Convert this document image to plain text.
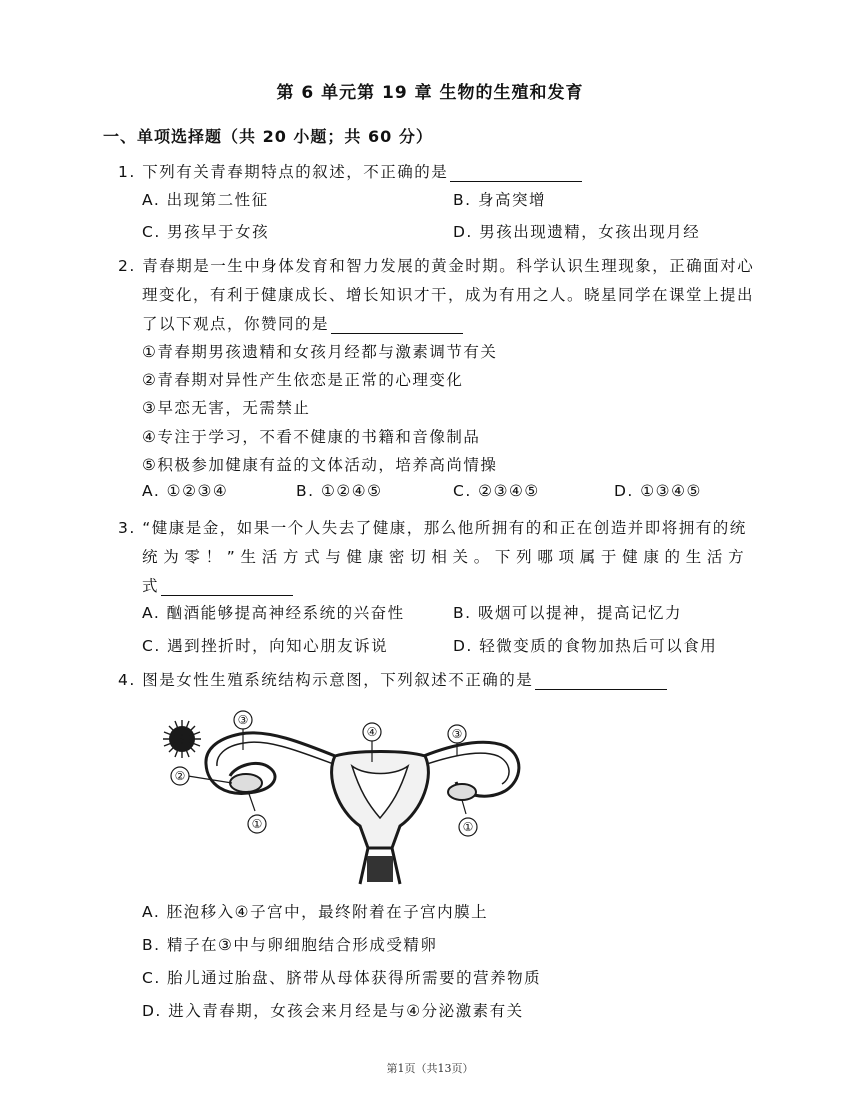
第 6 单元第 19 章 生物的生殖和发育
一、单项选择题（共 20 小题；共 60 分）
1. 下列有关青春期特点的叙述，不正确的是
A. 出现第二性征	B. 身高突增
C. 男孩早于女孩	D. 男孩出现遗精，女孩出现月经
2. 青春期是一生中身体发育和智力发展的黄金时期。科学认识生理现象，正确面对心
理变化，有利于健康成长、增长知识才干，成为有用之人。晓星同学在课堂上提出
了以下观点，你赞同的是
①青春期男孩遗精和女孩月经都与激素调节有关
②青春期对异性产生依恋是正常的心理变化
③早恋无害，无需禁止
④专注于学习，不看不健康的书籍和音像制品
⑤积极参加健康有益的文体活动，培养高尚情操
A. ①②③④	B. ①②④⑤	C. ②③④⑤	D. ①③④⑤
3. “健康是金，如果一个人失去了健康，那么他所拥有的和正在创造并即将拥有的统
统为零！”生活方式与健康密切相关。下列哪项属于健康的生活方
式
A. 酗酒能够提高神经系统的兴奋性	B. 吸烟可以提神，提高记忆力
C. 遇到挫折时，向知心朋友诉说	D. 轻微变质的食物加热后可以食用
4. 图是女性生殖系统结构示意图，下列叙述不正确的是
③
②
①
④	③
①
A. 胚泡移入④子宫中，最终附着在子宫内膜上
B. 精子在③中与卵细胞结合形成受精卵
C. 胎儿通过胎盘、脐带从母体获得所需要的营养物质
D. 进入青春期，女孩会来月经是与④分泌激素有关
第1页（共13页）
